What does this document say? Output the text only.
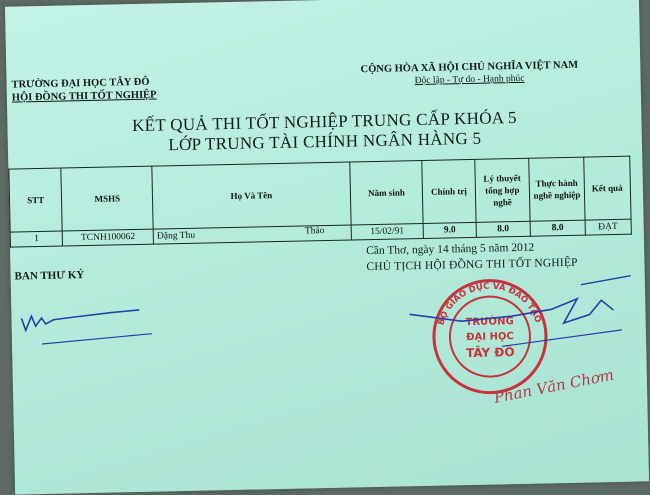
TRƯỜNG ĐẠI HỌC TÂY ĐÔ
HỘI ĐỒNG THI TỐT NGHIỆP
CỘNG HÒA XÃ HỘI CHỦ NGHĨA VIỆT NAM
Độc lập - Tự do - Hạnh phúc
KẾT QUẢ THI TỐT NGHIỆP TRUNG CẤP KHÓA 5
LỚP TRUNG TÀI CHÍNH NGÂN HÀNG 5
STT	MSHS	Họ Và Tên	Năm sinh	Chính trị	Lý thuyết tổng hợp nghề	Thực hành nghề nghiệp	Kết quả
1	TCNH100062	Đặng Thu Thảo	15/02/91	9.0	8.0	8.0	ĐẠT
Cần Thơ, ngày 14 tháng 5 năm 2012
CHỦ TỊCH HỘI ĐỒNG THI TỐT NGHIỆP
BAN THƯ KÝ
BỘ GIÁO DỤC VÀ ĐÀO TẠO
TRƯỜNG
ĐẠI HỌC
TÂY ĐÔ
Phan Văn Chơm
